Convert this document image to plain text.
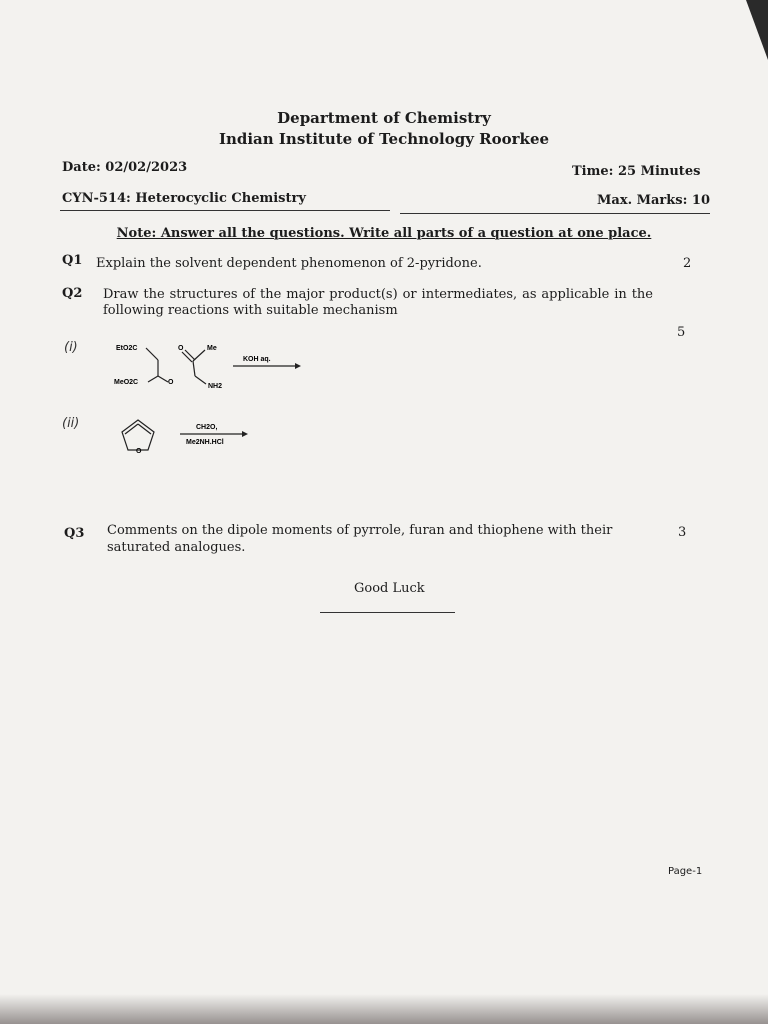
Department of Chemistry
Indian Institute of Technology Roorkee
Date: 02/02/2023	Time: 25 Minutes
CYN-514: Heterocyclic Chemistry	Max. Marks: 10
Note: Answer all the questions. Write all parts of a question at one place.
Q1 Explain the solvent dependent phenomenon of 2-pyridone.	2
Q2 Draw the structures of the major product(s) or intermediates, as applicable in the following reactions with suitable mechanism
5
(i)	EtO2C	O	Me
MeO2C	O
NH2
KOH aq.
(ii)
O
CH2O,
Me2NH.HCl
Q3 Comments on the dipole moments of pyrrole, furan and thiophene with their saturated analogues.
3
Good Luck
Page-1
